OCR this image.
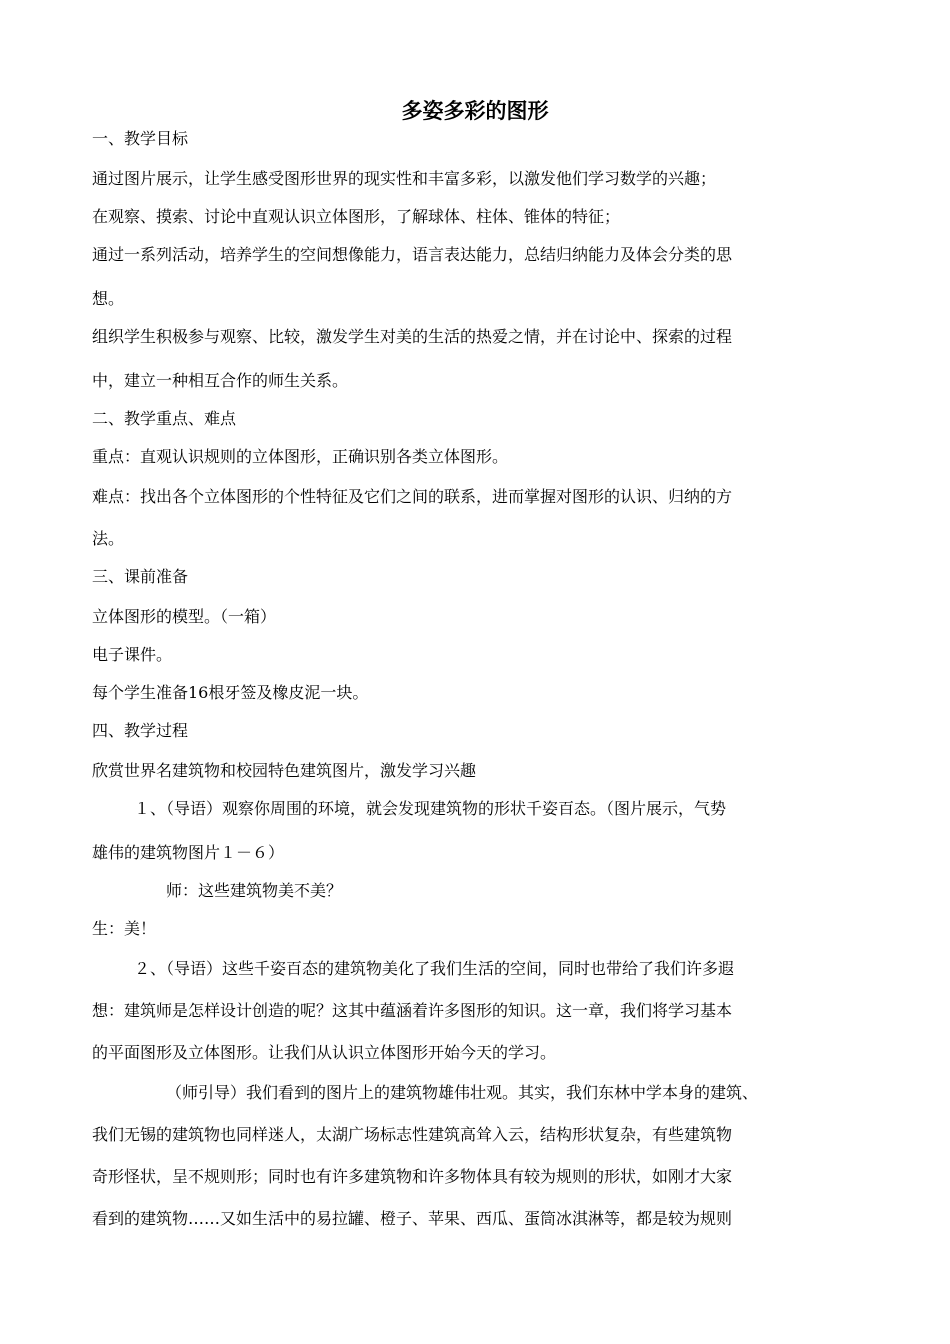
多姿多彩的图形
一、教学目标
通过图片展示，让学生感受图形世界的现实性和丰富多彩，以激发他们学习数学的兴趣；
在观察、摸索、讨论中直观认识立体图形，了解球体、柱体、锥体的特征；
通过一系列活动，培养学生的空间想像能力，语言表达能力，总结归纳能力及体会分类的思
想。
组织学生积极参与观察、比较，激发学生对美的生活的热爱之情，并在讨论中、探索的过程
中，建立一种相互合作的师生关系。
二、教学重点、难点
重点：直观认识规则的立体图形，正确识别各类立体图形。
难点：找出各个立体图形的个性特征及它们之间的联系，进而掌握对图形的认识、归纳的方
法。
三、课前准备
立体图形的模型。（一箱）
电子课件。
每个学生准备16根牙签及橡皮泥一块。
四、教学过程
欣赏世界名建筑物和校园特色建筑图片，激发学习兴趣
１、（导语）观察你周围的环境，就会发现建筑物的形状千姿百态。（图片展示，气势
雄伟的建筑物图片１－６）
师：这些建筑物美不美？
生：美！
２、（导语）这些千姿百态的建筑物美化了我们生活的空间，同时也带给了我们许多遐
想：建筑师是怎样设计创造的呢？这其中蕴涵着许多图形的知识。这一章，我们将学习基本
的平面图形及立体图形。让我们从认识立体图形开始今天的学习。
（师引导）我们看到的图片上的建筑物雄伟壮观。其实，我们东林中学本身的建筑、
我们无锡的建筑物也同样迷人，太湖广场标志性建筑高耸入云，结构形状复杂，有些建筑物
奇形怪状，呈不规则形；同时也有许多建筑物和许多物体具有较为规则的形状，如刚才大家
看到的建筑物……又如生活中的易拉罐、橙子、苹果、西瓜、蛋筒冰淇淋等，都是较为规则
